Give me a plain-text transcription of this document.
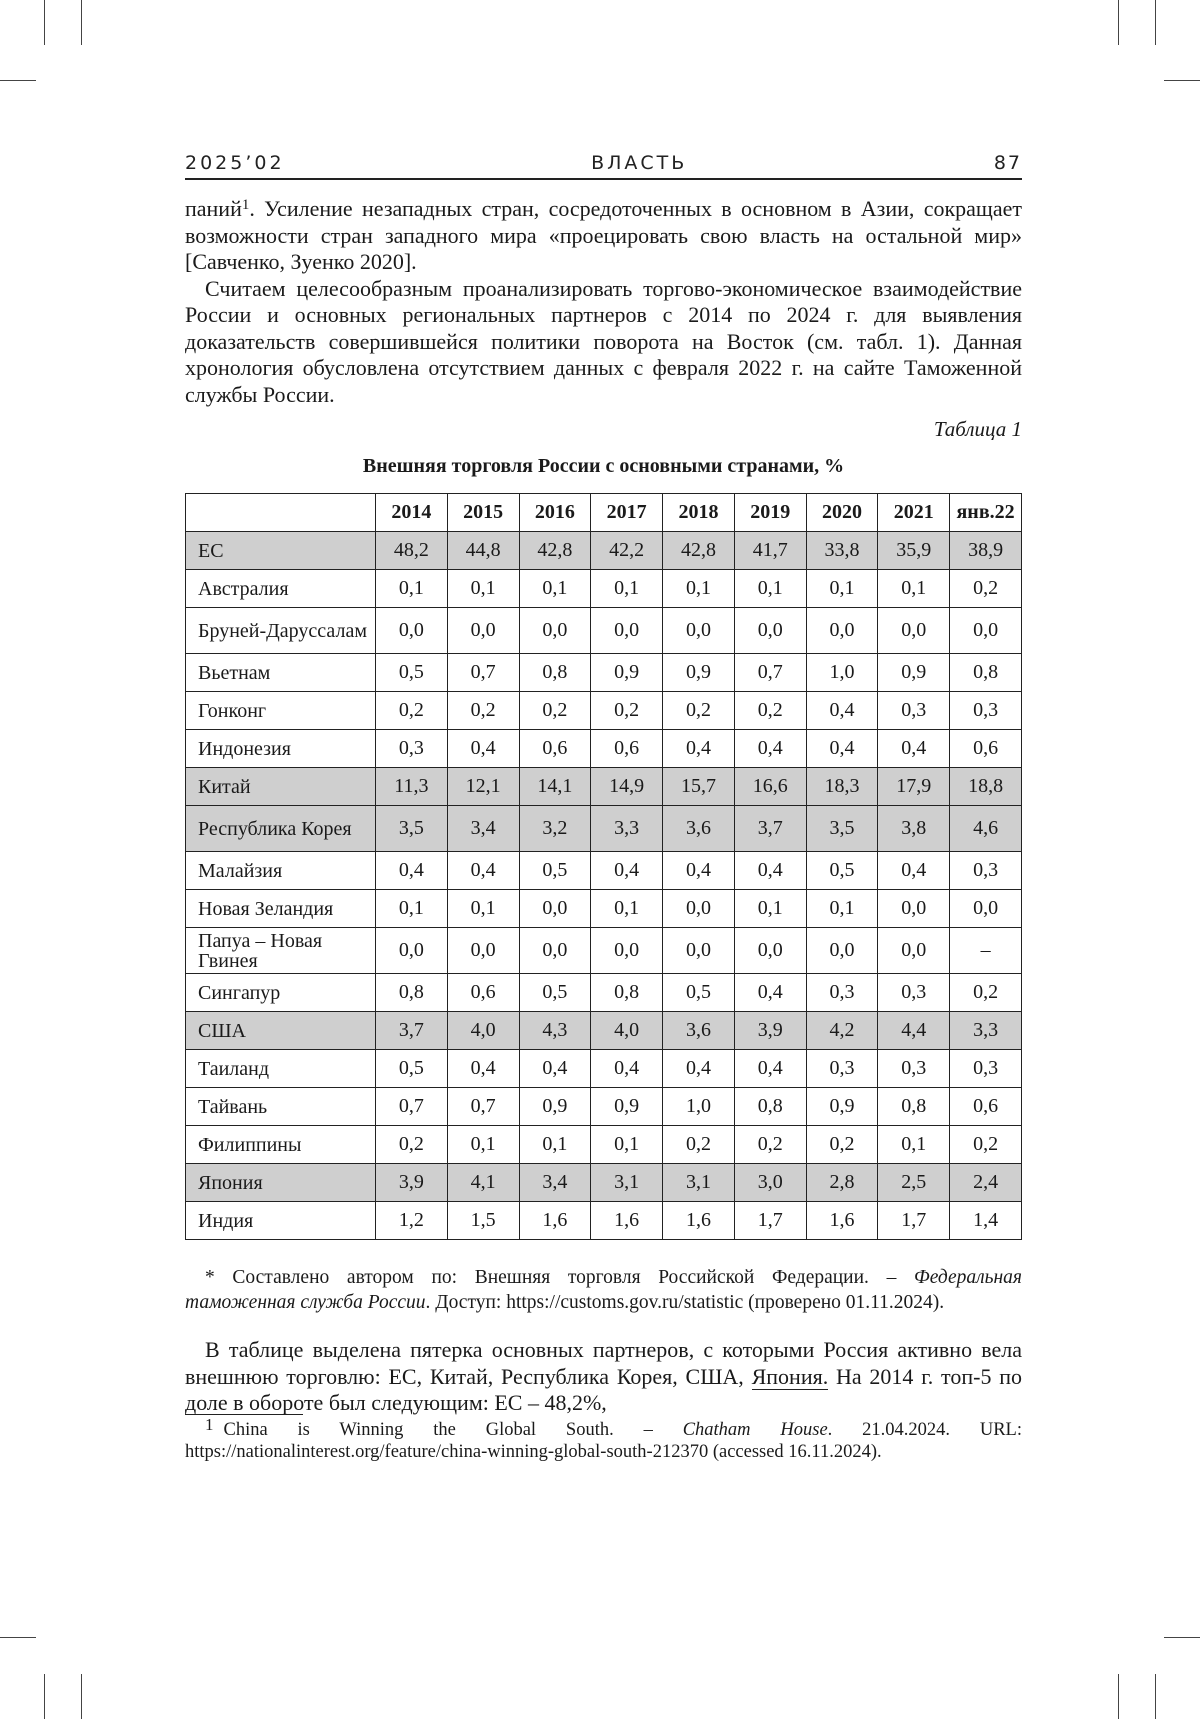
2025’02	ВЛАСТЬ	87

паний1. Усиление незападных стран, сосредоточенных в основном в Азии, сокращает возможности стран западного мира «проецировать свою власть на остальной мир» [Савченко, Зуенко 2020].

Считаем целесообразным проанализировать торгово-экономическое взаимодействие России и основных региональных партнеров с 2014 по 2024 г. для выявления доказательств совершившейся политики поворота на Восток (см. табл. 1). Данная хронология обусловлена отсутствием данных с февраля 2022 г. на сайте Таможенной службы России.

Таблица 1
Внешняя торговля России с основными странами, %
	2014	2015	2016	2017	2018	2019	2020	2021	янв.22
ЕС	48,2	44,8	42,8	42,2	42,8	41,7	33,8	35,9	38,9
Австралия	0,1	0,1	0,1	0,1	0,1	0,1	0,1	0,1	0,2
Бруней-Даруссалам	0,0	0,0	0,0	0,0	0,0	0,0	0,0	0,0	0,0
Вьетнам	0,5	0,7	0,8	0,9	0,9	0,7	1,0	0,9	0,8
Гонконг	0,2	0,2	0,2	0,2	0,2	0,2	0,4	0,3	0,3
Индонезия	0,3	0,4	0,6	0,6	0,4	0,4	0,4	0,4	0,6
Китай	11,3	12,1	14,1	14,9	15,7	16,6	18,3	17,9	18,8
Республика Корея	3,5	3,4	3,2	3,3	3,6	3,7	3,5	3,8	4,6
Малайзия	0,4	0,4	0,5	0,4	0,4	0,4	0,5	0,4	0,3
Новая Зеландия	0,1	0,1	0,0	0,1	0,0	0,1	0,1	0,0	0,0
Папуа – Новая Гвинея	0,0	0,0	0,0	0,0	0,0	0,0	0,0	0,0	–
Сингапур	0,8	0,6	0,5	0,8	0,5	0,4	0,3	0,3	0,2
США	3,7	4,0	4,3	4,0	3,6	3,9	4,2	4,4	3,3
Таиланд	0,5	0,4	0,4	0,4	0,4	0,4	0,3	0,3	0,3
Тайвань	0,7	0,7	0,9	0,9	1,0	0,8	0,9	0,8	0,6
Филиппины	0,2	0,1	0,1	0,1	0,2	0,2	0,2	0,1	0,2
Япония	3,9	4,1	3,4	3,1	3,1	3,0	2,8	2,5	2,4
Индия	1,2	1,5	1,6	1,6	1,6	1,7	1,6	1,7	1,4

* Составлено автором по: Внешняя торговля Российской Федерации. – Федеральная таможенная служба России. Доступ: https://customs.gov.ru/statistic (проверено 01.11.2024).

В таблице выделена пятерка основных партнеров, с которыми Россия активно вела внешнюю торговлю: ЕС, Китай, Республика Корея, США, Япония. На 2014 г. топ-5 по доле в обороте был следующим: ЕС – 48,2%,

1 China is Winning the Global South. – Chatham House. 21.04.2024. URL: https://nationalinterest.org/feature/china-winning-global-south-212370 (accessed 16.11.2024).
